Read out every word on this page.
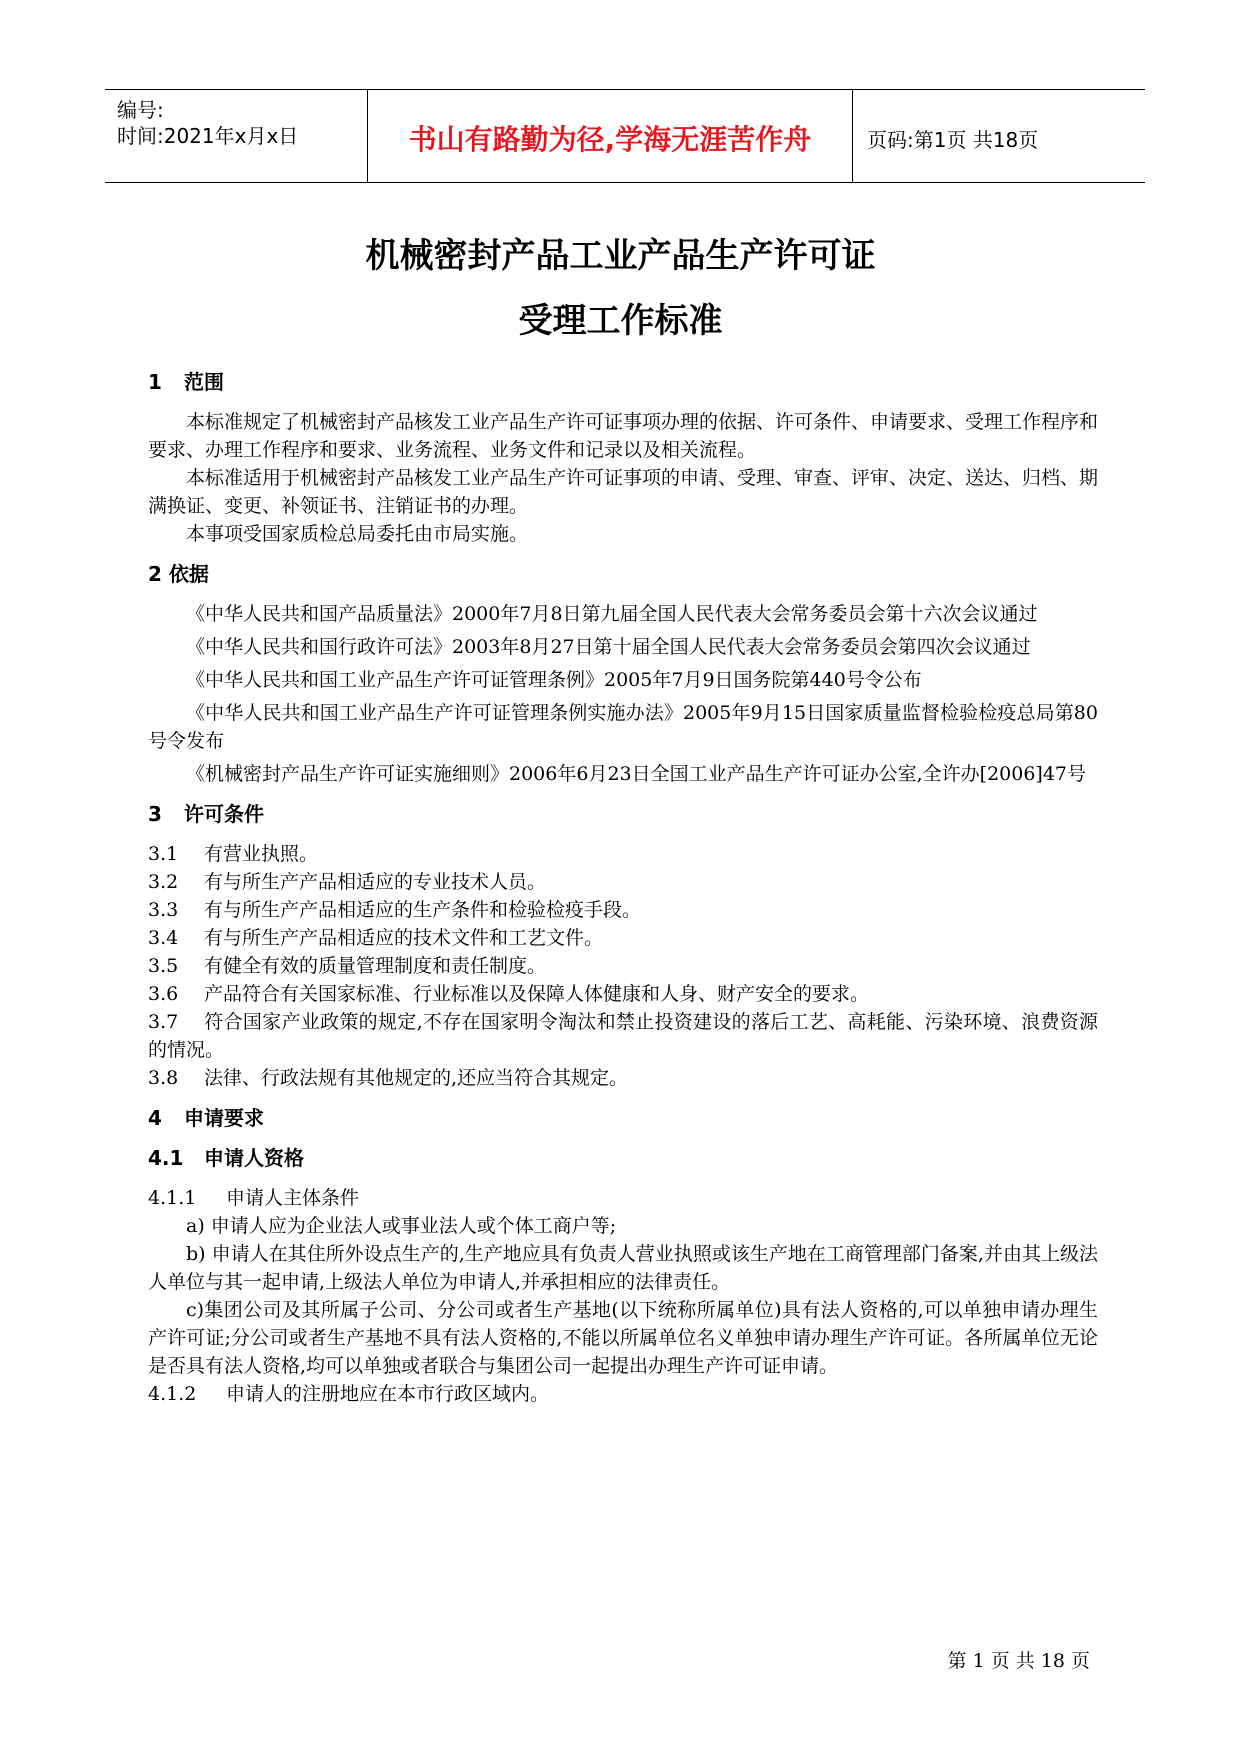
编号:
时间:2021年x月x日	书山有路勤为径,学海无涯苦作舟	页码:第1页 共18页
机械密封产品工业产品生产许可证
受理工作标准
1 范围

本标准规定了机械密封产品核发工业产品生产许可证事项办理的依据、许可条件、申请要求、受理工作程序和要求、办理工作程序和要求、业务流程、业务文件和记录以及相关流程。

本标准适用于机械密封产品核发工业产品生产许可证事项的申请、受理、审查、评审、决定、送达、归档、期满换证、变更、补领证书、注销证书的办理。

本事项受国家质检总局委托由市局实施。

2 依据

《中华人民共和国产品质量法》2000年7月8日第九届全国人民代表大会常务委员会第十六次会议通过

《中华人民共和国行政许可法》2003年8月27日第十届全国人民代表大会常务委员会第四次会议通过

《中华人民共和国工业产品生产许可证管理条例》2005年7月9日国务院第440号令公布

《中华人民共和国工业产品生产许可证管理条例实施办法》2005年9月15日国家质量监督检验检疫总局第80号令发布

《机械密封产品生产许可证实施细则》2006年6月23日全国工业产品生产许可证办公室,全许办[2006]47号

3 许可条件

3.1 有营业执照。

3.2 有与所生产产品相适应的专业技术人员。

3.3 有与所生产产品相适应的生产条件和检验检疫手段。

3.4 有与所生产产品相适应的技术文件和工艺文件。

3.5 有健全有效的质量管理制度和责任制度。

3.6 产品符合有关国家标准、行业标准以及保障人体健康和人身、财产安全的要求。

3.7 符合国家产业政策的规定,不存在国家明令淘汰和禁止投资建设的落后工艺、高耗能、污染环境、浪费资源的情况。

3.8 法律、行政法规有其他规定的,还应当符合其规定。

4 申请要求
4.1 申请人资格

4.1.1 申请人主体条件

a) 申请人应为企业法人或事业法人或个体工商户等;

b) 申请人在其住所外设点生产的,生产地应具有负责人营业执照或该生产地在工商管理部门备案,并由其上级法人单位与其一起申请,上级法人单位为申请人,并承担相应的法律责任。

c)集团公司及其所属子公司、分公司或者生产基地(以下统称所属单位)具有法人资格的,可以单独申请办理生产许可证;分公司或者生产基地不具有法人资格的,不能以所属单位名义单独申请办理生产许可证。各所属单位无论是否具有法人资格,均可以单独或者联合与集团公司一起提出办理生产许可证申请。

4.1.2 申请人的注册地应在本市行政区域内。

第 1 页 共 18 页
